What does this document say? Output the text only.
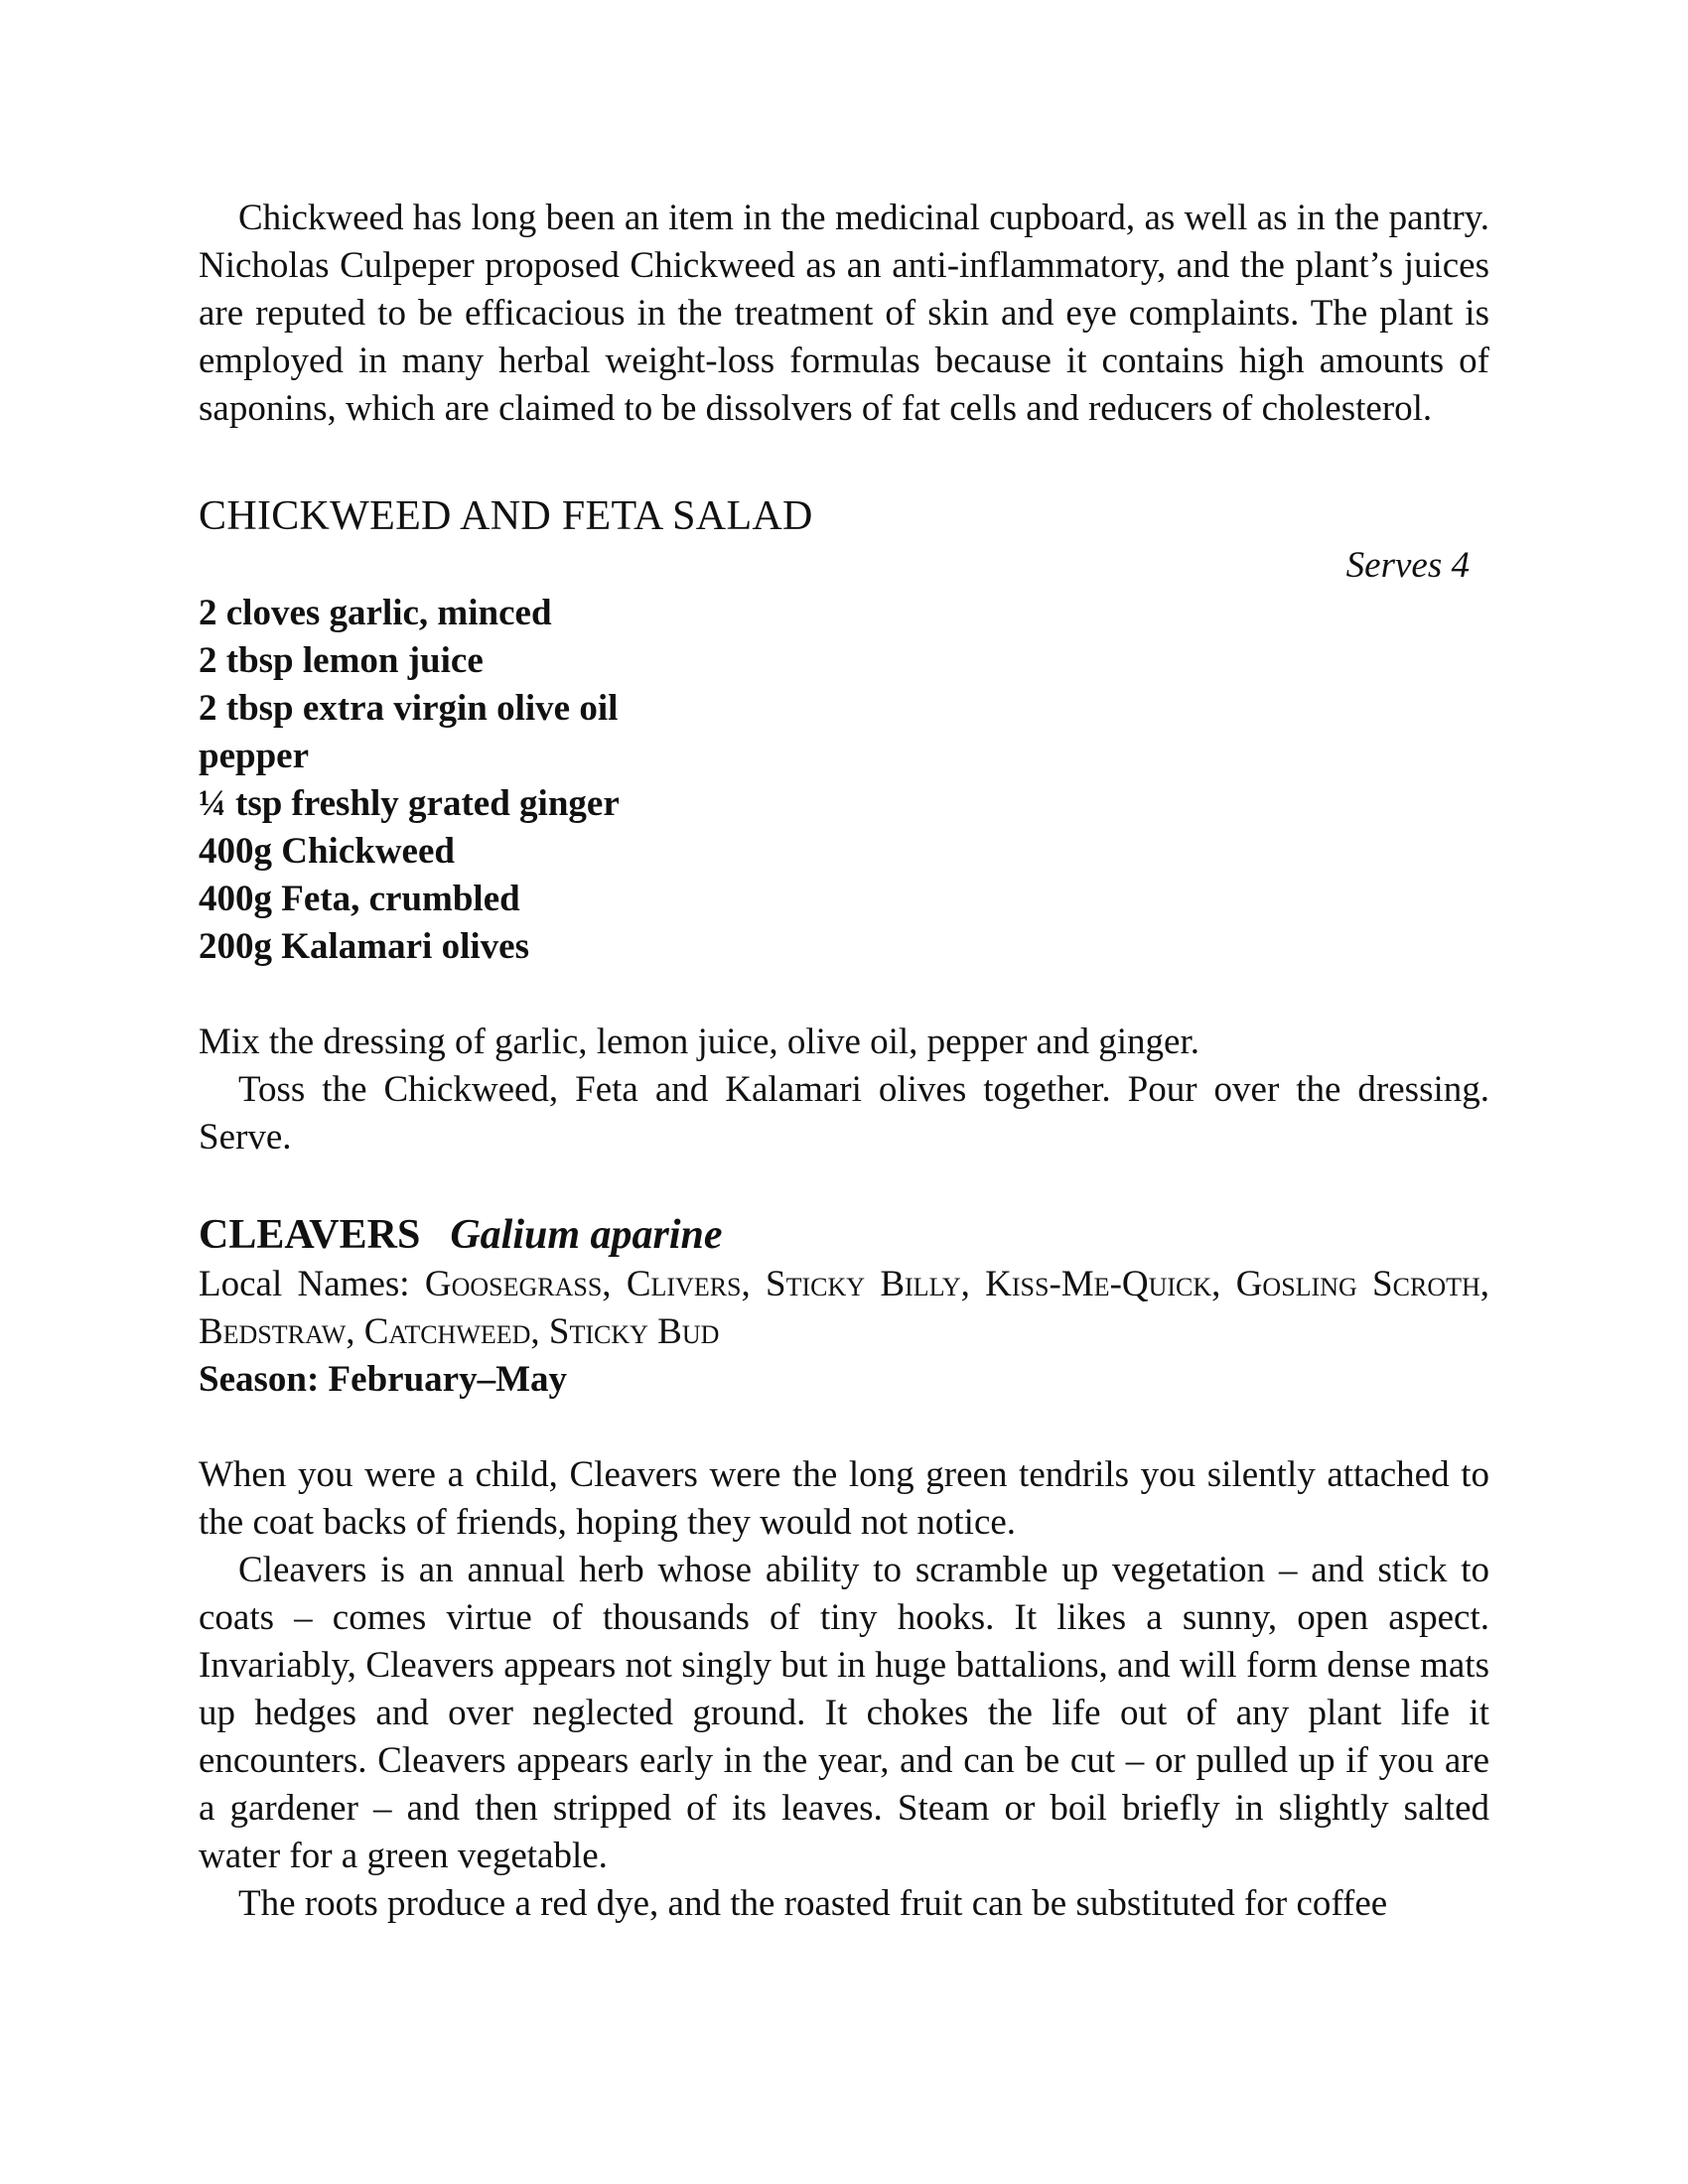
Chickweed has long been an item in the medicinal cupboard, as well as in the pantry. Nicholas Culpeper proposed Chickweed as an anti-inflammatory, and the plant’s juices are reputed to be efficacious in the treatment of skin and eye complaints. The plant is employed in many herbal weight-loss formulas because it contains high amounts of saponins, which are claimed to be dissolvers of fat cells and reducers of cholesterol.

CHICKWEED AND FETA SALAD

Serves 4

2 cloves garlic, minced
2 tbsp lemon juice
2 tbsp extra virgin olive oil
pepper
¼ tsp freshly grated ginger
400g Chickweed
400g Feta, crumbled
200g Kalamari olives

Mix the dressing of garlic, lemon juice, olive oil, pepper and ginger.

Toss the Chickweed, Feta and Kalamari olives together. Pour over the dressing. Serve.

CLEAVERS Galium aparine

Local Names: Goosegrass, Clivers, Sticky Billy, Kiss-Me-Quick, Gosling Scroth, Bedstraw, Catchweed, Sticky Bud

Season: February–May

When you were a child, Cleavers were the long green tendrils you silently attached to the coat backs of friends, hoping they would not notice.

Cleavers is an annual herb whose ability to scramble up vegetation – and stick to coats – comes virtue of thousands of tiny hooks. It likes a sunny, open aspect. Invariably, Cleavers appears not singly but in huge battalions, and will form dense mats up hedges and over neglected ground. It chokes the life out of any plant life it encounters. Cleavers appears early in the year, and can be cut – or pulled up if you are a gardener – and then stripped of its leaves. Steam or boil briefly in slightly salted water for a green vegetable.

The roots produce a red dye, and the roasted fruit can be substituted for coffee
